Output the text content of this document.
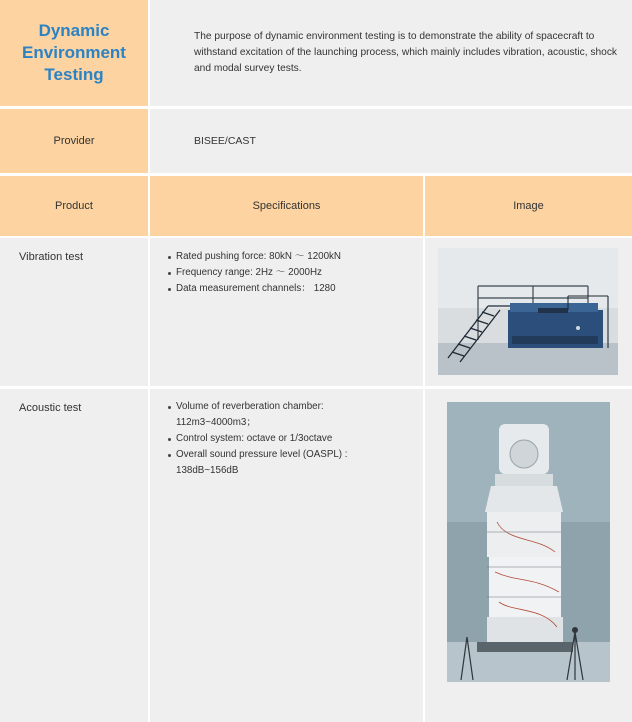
Dynamic
Environment
Testing
The purpose of dynamic environment testing is to demonstrate the ability of spacecraft to withstand excitation of the launching process, which mainly includes vibration, acoustic, shock and modal survey tests.
Provider	BISEE/CAST
Product	Specifications	Image
Vibration test	Rated pushing force: 80kN ～ 1200kN
Frequency range: 2Hz ～ 2000Hz
Data measurement channels： 1280
Acoustic test	Volume of reverberation chamber:
112m3~4000m3；
Control system: octave or 1/3octave
Overall sound pressure level (OASPL) :
138dB~156dB
